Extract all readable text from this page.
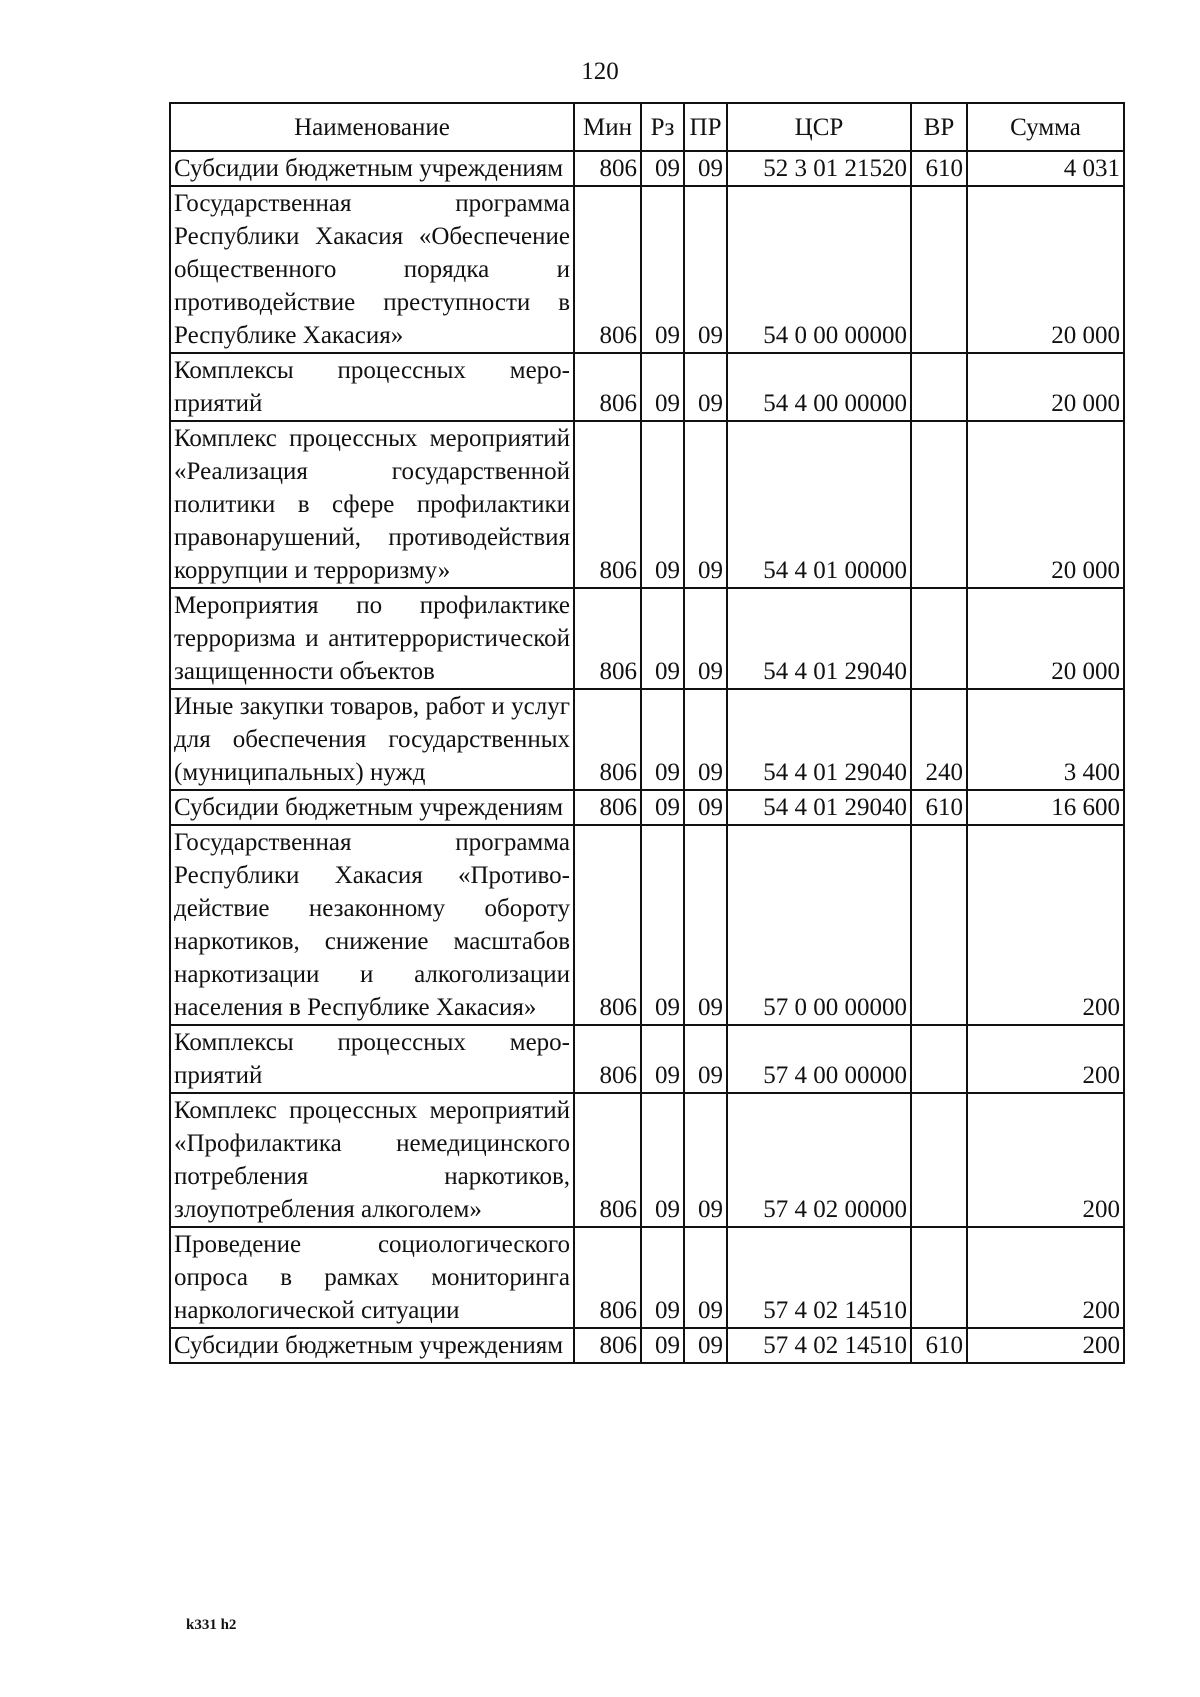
120
Наименование	Мин	Рз	ПР	ЦСР	ВР	Сумма
Субсидии бюджетным учреждениям	806	09	09	52 3 01 21520	610	4 031
Государственная программа Республики Хакасия «Обеспечение общественного порядка и противодействие преступности в Республике Хакасия»	806	09	09	54 0 00 00000		20 000
Комплексы процессных мероприятий	806	09	09	54 4 00 00000		20 000
Комплекс процессных мероприятий «Реализация государственной политики в сфере профилактики правонарушений, противодействия коррупции и терроризму»	806	09	09	54 4 01 00000		20 000
Мероприятия по профилактике терроризма и антитеррористической защищенности объектов	806	09	09	54 4 01 29040		20 000
Иные закупки товаров, работ и услуг для обеспечения государственных (муниципальных) нужд	806	09	09	54 4 01 29040	240	3 400
Субсидии бюджетным учреждениям	806	09	09	54 4 01 29040	610	16 600
Государственная программа Республики Хакасия «Противодействие незаконному обороту наркотиков, снижение масштабов наркотизации и алкоголизации населения в Республике Хакасия»	806	09	09	57 0 00 00000		200
Комплексы процессных мероприятий	806	09	09	57 4 00 00000		200
Комплекс процессных мероприятий «Профилактика немедицинского потребления наркотиков, злоупотребления алкоголем»	806	09	09	57 4 02 00000		200
Проведение социологического опроса в рамках мониторинга наркологической ситуации	806	09	09	57 4 02 14510		200
Субсидии бюджетным учреждениям	806	09	09	57 4 02 14510	610	200
k331 h2
